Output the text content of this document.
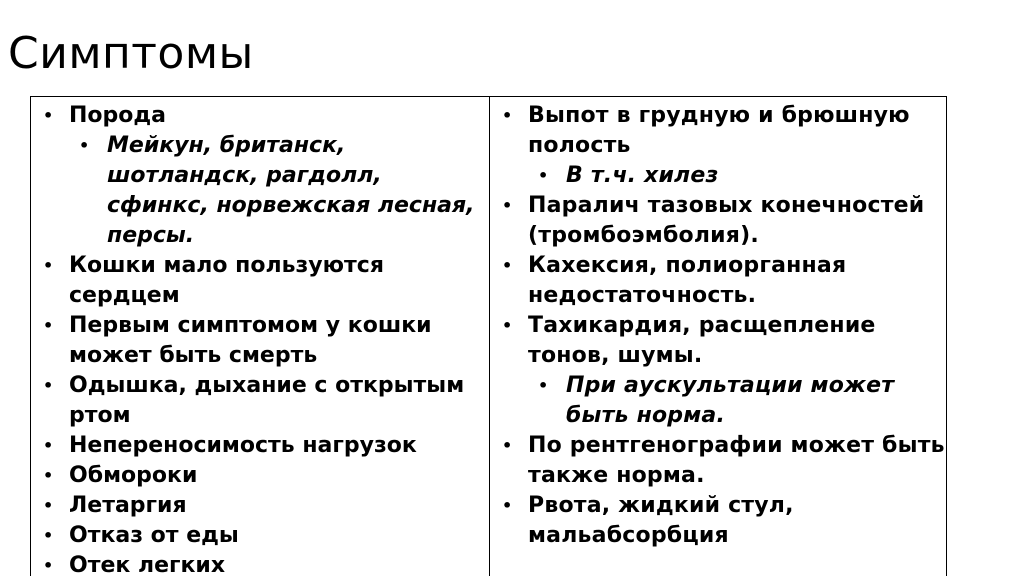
Симптомы
• Порода
• Мейкун, британск, шотландск, рагдолл, сфинкс, норвежская лесная, персы.
• Кошки мало пользуются сердцем
• Первым симптомом у кошки может быть смерть
• Одышка, дыхание с открытым ртом
• Непереносимость нагрузок
• Обмороки
• Летаргия
• Отказ от еды
• Отек легких
• Выпот в грудную и брюшную полость
• В т.ч. хилез
• Паралич тазовых конечностей (тромбоэмболия).
• Кахексия, полиорганная недостаточность.
• Тахикардия, расщепление тонов, шумы.
• При аускультации может быть норма.
• По рентгенографии может быть также норма.
• Рвота, жидкий стул, мальабсорбция
